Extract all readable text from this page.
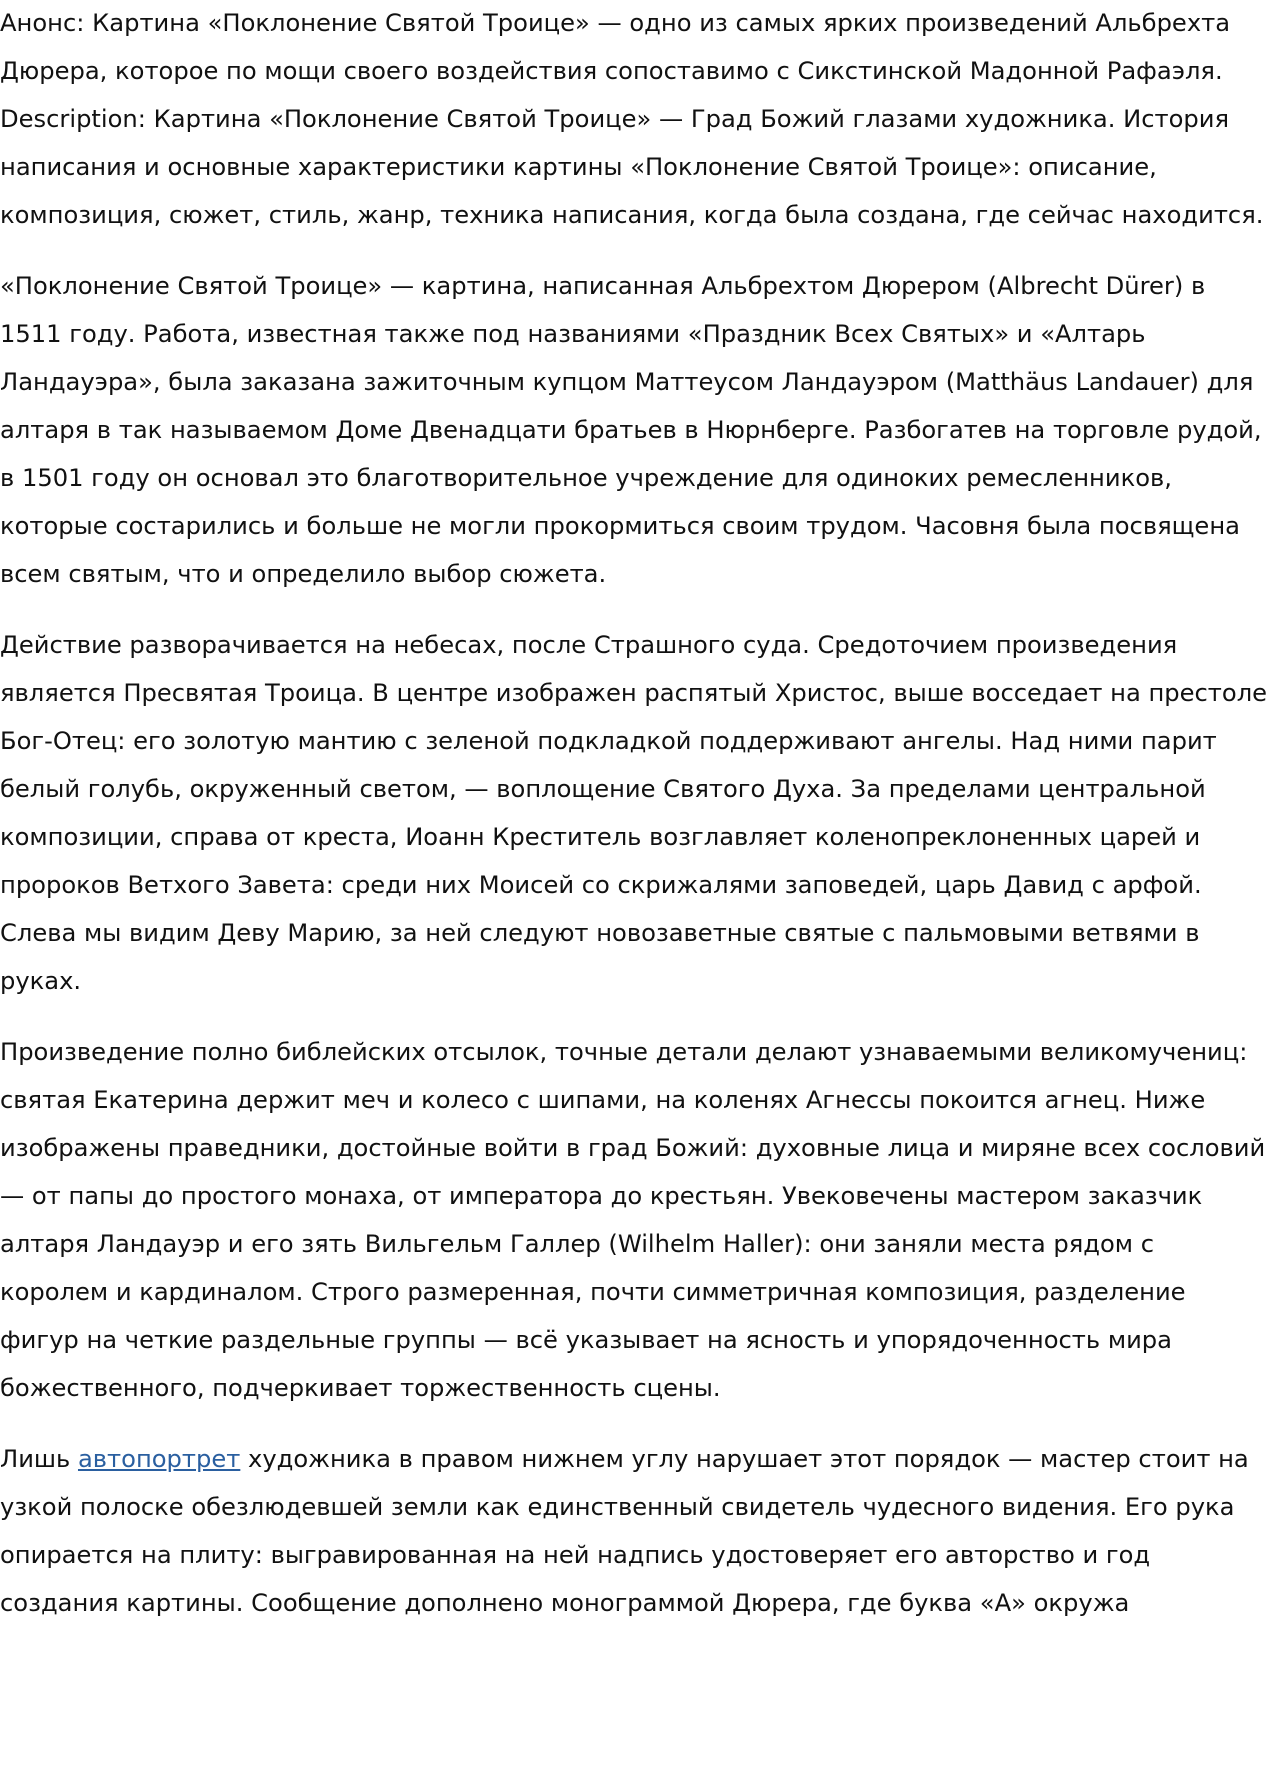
Анонс: Картина «Поклонение Святой Троице» — одно из самых ярких произведений Альбрехта Дюрера, которое по мощи своего воздействия сопоставимо с Сикстинской Мадонной Рафаэля. Description: Картина «Поклонение Святой Троице» — Град Божий глазами художника. История написания и основные характеристики картины «Поклонение Святой Троице»: описание, композиция, сюжет, стиль, жанр, техника написания, когда была создана, где сейчас находится.

«Поклонение Святой Троице» — картина, написанная Альбрехтом Дюрером (Albrecht Dürer) в 1511 году. Работа, известная также под названиями «Праздник Всех Святых» и «Алтарь Ландауэра», была заказана зажиточным купцом Маттеусом Ландауэром (Matthäus Landauer) для алтаря в так называемом Доме Двенадцати братьев в Нюрнберге. Разбогатев на торговле рудой, в 1501 году он основал это благотворительное учреждение для одиноких ремесленников, которые состарились и больше не могли прокормиться своим трудом. Часовня была посвящена всем святым, что и определило выбор сюжета.

Действие разворачивается на небесах, после Страшного суда. Средоточием произведения является Пресвятая Троица. В центре изображен распятый Христос, выше восседает на престоле Бог-Отец: его золотую мантию с зеленой подкладкой поддерживают ангелы. Над ними парит белый голубь, окруженный светом, — воплощение Святого Духа. За пределами центральной композиции, справа от креста, Иоанн Креститель возглавляет коленопреклоненных царей и пророков Ветхого Завета: среди них Моисей со скрижалями заповедей, царь Давид с арфой. Слева мы видим Деву Марию, за ней следуют новозаветные святые с пальмовыми ветвями в руках.

Произведение полно библейских отсылок, точные детали делают узнаваемыми великомучениц: святая Екатерина держит меч и колесо с шипами, на коленях Агнессы покоится агнец. Ниже изображены праведники, достойные войти в град Божий: духовные лица и миряне всех сословий — от папы до простого монаха, от императора до крестьян. Увековечены мастером заказчик алтаря Ландауэр и его зять Вильгельм Галлер (Wilhelm Haller): они заняли места рядом с королем и кардиналом. Строго размеренная, почти симметричная композиция, разделение фигур на четкие раздельные группы — всё указывает на ясность и упорядоченность мира божественного, подчеркивает торжественность сцены.

Лишь автопортрет художника в правом нижнем углу нарушает этот порядок — мастер стоит на узкой полоске обезлюдевшей земли как единственный свидетель чудесного видения. Его рука опирается на плиту: выгравированная на ней надпись удостоверяет его авторство и год создания картины. Сообщение дополнено монограммой Дюрера, где буква «А» окружа
